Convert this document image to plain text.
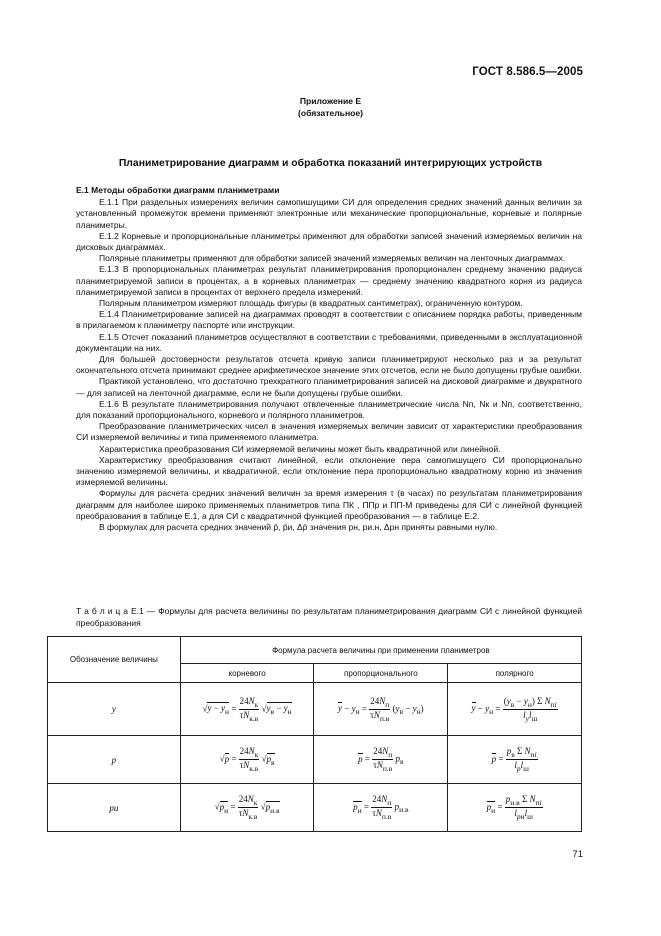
ГОСТ 8.586.5—2005
Приложение Е
(обязательное)
Планиметрирование диаграмм и обработка показаний интегрирующих устройств
Е.1 Методы обработки диаграмм планиметрами

Е.1.1 При раздельных измерениях величин самопишущими СИ для определения средних значений данных величин за установленный промежуток времени применяют электронные или механические пропорциональные, корневые и полярные планиметры.

Е.1.2 Корневые и пропорциональные планиметры применяют для обработки записей значений измеряемых величин на дисковых диаграммах.

Полярные планиметры применяют для обработки записей значений измеряемых величин на ленточных диаграммах.

Е.1.3 В пропорциональных планиметрах результат планиметрирования пропорционален среднему значению радиуса планиметрируемой записи в процентах, а в корневых планиметрах — среднему значению квадратного корня из радиуса планиметрируемой записи в процентах от верхнего предела измерений.

Полярным планиметром измеряют площадь фигуры (в квадратных сантиметрах), ограниченную контуром.

Е.1.4 Планиметрирование записей на диаграммах проводят в соответствии с описанием порядка работы, приведенным в прилагаемом к планиметру паспорте или инструкции.

Е.1.5 Отсчет показаний планиметров осуществляют в соответствии с требованиями, приведенными в эксплуатационной документации на них.

Для большей достоверности результатов отсчета кривую записи планиметрируют несколько раз и за результат окончательного отсчета принимают среднее арифметическое значение этих отсчетов, если не было допущены грубые ошибки.

Практикой установлено, что достаточно трехкратного планиметрирования записей на дисковой диаграмме и двукратного — для записей на ленточной диаграмме, если не были допущены грубые ошибки.

Е.1.6 В результате планиметрирования получают отвлеченные планиметрические числа Nп, Nк и Nп, соответственно, для показаний пропорционального, корневого и полярного планиметров.

Преобразование планиметрических чисел в значения измеряемых величин зависит от характеристики преобразования СИ измеряемой величины и типа применяемого планиметра.

Характеристика преобразования СИ измеряемой величины может быть квадратичной или линейной.

Характеристику преобразования считают линейной, если отклонение пера самопишущего СИ пропорционально значению измеряемой величины, и квадратичной, если отклонение пера пропорционально квадратному корню из значения измеряемой величины.

Формулы для расчета средних значений величин за время измерения τ (в часах) по результатам планиметрирования диаграмм для наиболее широко применяемых планиметров типа ПК , ППр и ПП-М приведены для СИ с линейной функцией преобразования в таблице Е.1, а для СИ с квадратичной функцией преобразования — в таблице Е.2.

В формулах для расчета средних значений p̄, p̄и, Δp̄ значения pн, pи.н, Δpн приняты равными нулю.

Т а б л и ц а Е.1 — Формулы для расчета величины по результатам планиметрирования диаграмм СИ с линейной функцией преобразования
Обозначение величины	Формула расчета величины при применении планиметров		
	корневого	пропорционального	полярного
y	$√y - y_н = \frac{24N_к}{\tau N_{к.в}} √y_в - y_н$	$y - y_н = \frac{24N_п}{\tau N_{п.в}} (y_в - y_н)$	$y - y_н = \frac{(y_в - y_н) \Sigma N_{пi}}{l_yl_ш}$

p	$√p = \frac{24N_к}{\tau N_{к.в}} √p_в$	$p = \frac{24N_п}{\tau N_{п.в}} p_в$	$p = \frac{p_в \Sigma N_{пi}}{l_pl_ш}$

pи	$√p_и = \frac{24N_к}{\tau N_{к.в}} √p_{и.в}$	$p_и = \frac{24N_п}{\tau N_{п.в}} p_{и.в}$	$p_и = \frac{p_{и.в} \Sigma N_{пi}}{l_{pи}l_ш}$
71
